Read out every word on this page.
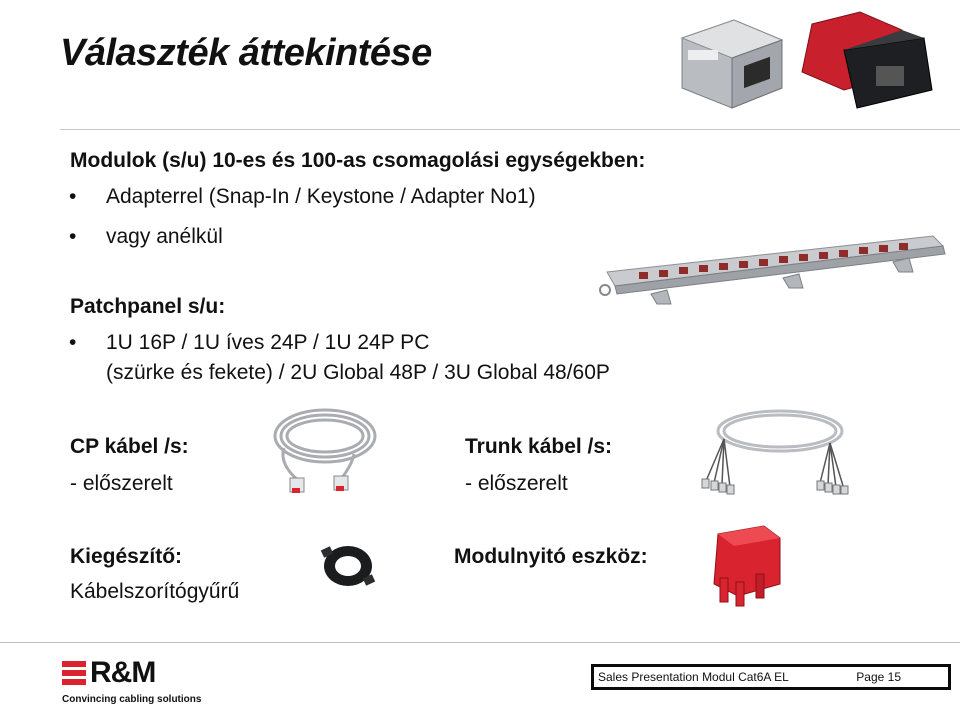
Választék áttekintése
Modulok (s/u) 10-es és 100-as csomagolási egységekben:
• Adapterrel (Snap-In / Keystone / Adapter No1)
• vagy anélkül
Patchpanel s/u:
• 1U 16P / 1U íves 24P / 1U 24P PC
(szürke és fekete) / 2U Global 48P / 3U Global 48/60P
CP kábel /s:
- előszerelt
Trunk kábel /s:
- előszerelt
Kiegészítő:
Kábelszorítógyűrű
Modulnyitó eszköz:
R&M
Convincing cabling solutions
Sales Presentation Modul Cat6A EL	Page 15
